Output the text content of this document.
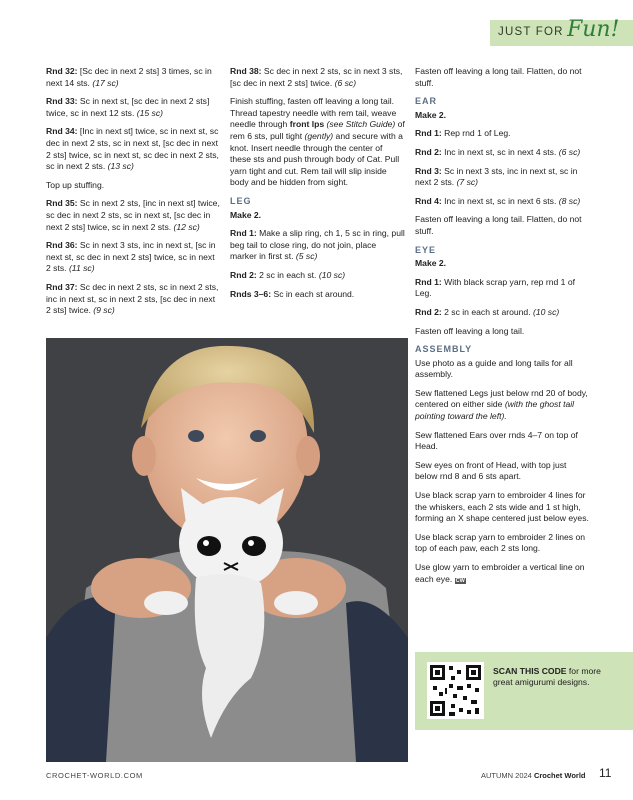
JUST FOR Fun!

Rnd 32: [Sc dec in next 2 sts] 3 times, sc in next 14 sts. (17 sc)

Rnd 33: Sc in next st, [sc dec in next 2 sts] twice, sc in next 12 sts. (15 sc)

Rnd 34: [Inc in next st] twice, sc in next st, sc dec in next 2 sts, sc in next st, [sc dec in next 2 sts] twice, sc in next st, sc dec in next 2 sts, sc in next 2 sts. (13 sc)

Top up stuffing.

Rnd 35: Sc in next 2 sts, [inc in next st] twice, sc dec in next 2 sts, sc in next st, [sc dec in next 2 sts] twice, sc in next 2 sts. (12 sc)

Rnd 36: Sc in next 3 sts, inc in next st, [sc in next st, sc dec in next 2 sts] twice, sc in next 2 sts. (11 sc)

Rnd 37: Sc dec in next 2 sts, sc in next 2 sts, inc in next st, sc in next 2 sts, [sc dec in next 2 sts] twice. (9 sc)

Rnd 38: Sc dec in next 2 sts, sc in next 3 sts, [sc dec in next 2 sts] twice. (6 sc)

Finish stuffing, fasten off leaving a long tail. Thread tapestry needle with rem tail, weave needle through front lps (see Stitch Guide) of rem 6 sts, pull tight (gently) and secure with a knot. Insert needle through the center of these sts and push through body of Cat. Pull yarn tight and cut. Rem tail will slip inside body and be hidden from sight.

LEG

Make 2.

Rnd 1: Make a slip ring, ch 1, 5 sc in ring, pull beg tail to close ring, do not join, place marker in first st. (5 sc)

Rnd 2: 2 sc in each st. (10 sc)

Rnds 3–6: Sc in each st around.

Fasten off leaving a long tail. Flatten, do not stuff.

EAR

Make 2.

Rnd 1: Rep rnd 1 of Leg.

Rnd 2: Inc in next st, sc in next 4 sts. (6 sc)

Rnd 3: Sc in next 3 sts, inc in next st, sc in next 2 sts. (7 sc)

Rnd 4: Inc in next st, sc in next 6 sts. (8 sc)

Fasten off leaving a long tail. Flatten, do not stuff.

EYE

Make 2.

Rnd 1: With black scrap yarn, rep rnd 1 of Leg.

Rnd 2: 2 sc in each st around. (10 sc)

Fasten off leaving a long tail.

ASSEMBLY

Use photo as a guide and long tails for all assembly.

Sew flattened Legs just below rnd 20 of body, centered on either side (with the ghost tail pointing toward the left).

Sew flattened Ears over rnds 4–7 on top of Head.

Sew eyes on front of Head, with top just below rnd 8 and 6 sts apart.

Use black scrap yarn to embroider 4 lines for the whiskers, each 2 sts wide and 1 st high, forming an X shape centered just below eyes.

Use black scrap yarn to embroider 2 lines on top of each paw, each 2 sts long.

Use glow yarn to embroider a vertical line on each eye. CW

SCAN THIS CODE for more great amigurumi designs.
CROCHET-WORLD.COM	AUTUMN 2024 Crochet World 11
